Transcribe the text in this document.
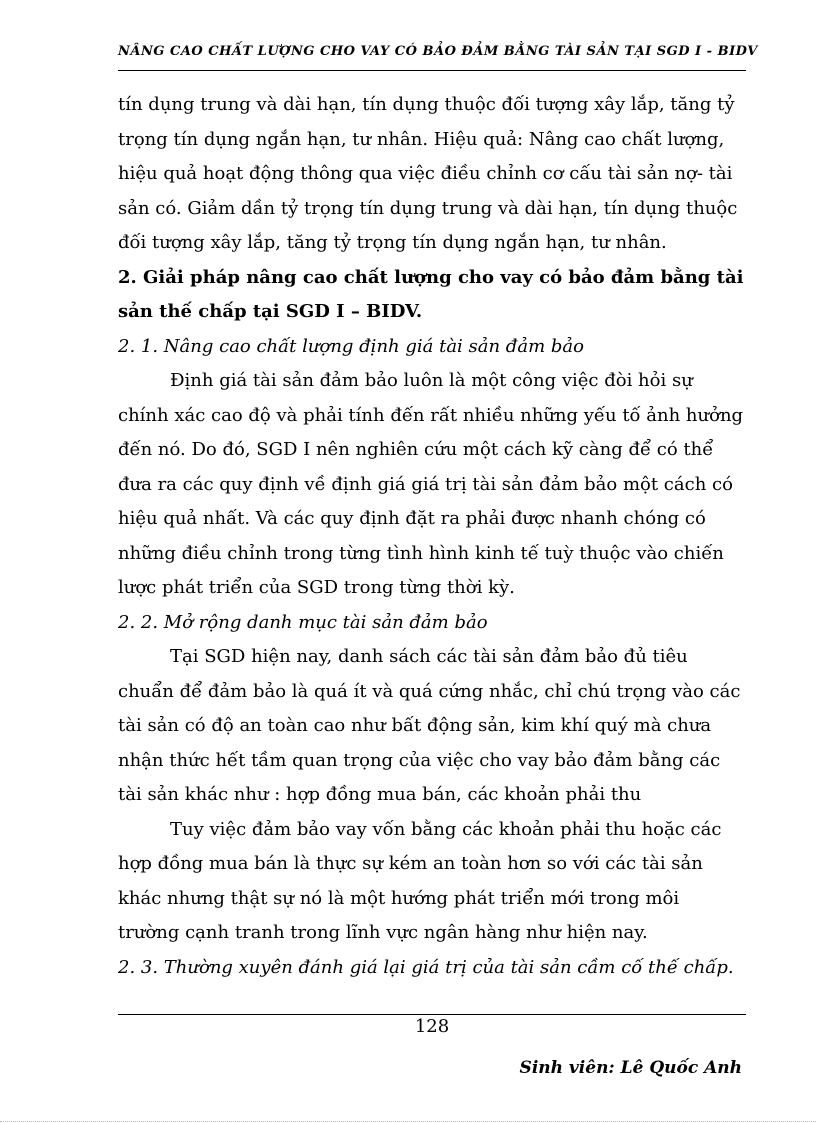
NÂNG CAO CHẤT LƯỢNG CHO VAY CÓ BẢO ĐẢM BẰNG TÀI SẢN TẠI SGD I - BIDV

tín dụng trung và dài hạn, tín dụng thuộc đối tượng xây lắp, tăng tỷ trọng tín dụng ngắn hạn, tư nhân. Hiệu quả: Nâng cao chất lượng, hiệu quả hoạt động thông qua việc điều chỉnh cơ cấu tài sản nợ- tài sản có. Giảm dần tỷ trọng tín dụng trung và dài hạn, tín dụng thuộc đối tượng xây lắp, tăng tỷ trọng tín dụng ngắn hạn, tư nhân.

2. Giải pháp nâng cao chất lượng cho vay có bảo đảm bằng tài sản thế chấp tại SGD I – BIDV.

2. 1. Nâng cao chất lượng định giá tài sản đảm bảo

Định giá tài sản đảm bảo luôn là một công việc đòi hỏi sự chính xác cao độ và phải tính đến rất nhiều những yếu tố ảnh hưởng đến nó. Do đó, SGD I nên nghiên cứu một cách kỹ càng để có thể đưa ra các quy định về định giá giá trị tài sản đảm bảo một cách có hiệu quả nhất. Và các quy định đặt ra phải được nhanh chóng có những điều chỉnh trong từng tình hình kinh tế tuỳ thuộc vào chiến lược phát triển của SGD trong từng thời kỳ.

2. 2. Mở rộng danh mục tài sản đảm bảo

Tại SGD hiện nay, danh sách các tài sản đảm bảo đủ tiêu chuẩn để đảm bảo là quá ít và quá cứng nhắc, chỉ chú trọng vào các tài sản có độ an toàn cao như bất động sản, kim khí quý mà chưa nhận thức hết tầm quan trọng của việc cho vay bảo đảm bằng các tài sản khác như : hợp đồng mua bán, các khoản phải thu

Tuy việc đảm bảo vay vốn bằng các khoản phải thu hoặc các hợp đồng mua bán là thực sự kém an toàn hơn so với các tài sản khác nhưng thật sự nó là một hướng phát triển mới trong môi trường cạnh tranh trong lĩnh vực ngân hàng như hiện nay.

2. 3. Thường xuyên đánh giá lại giá trị của tài sản cầm cố thế chấp.

128
Sinh viên: Lê Quốc Anh
